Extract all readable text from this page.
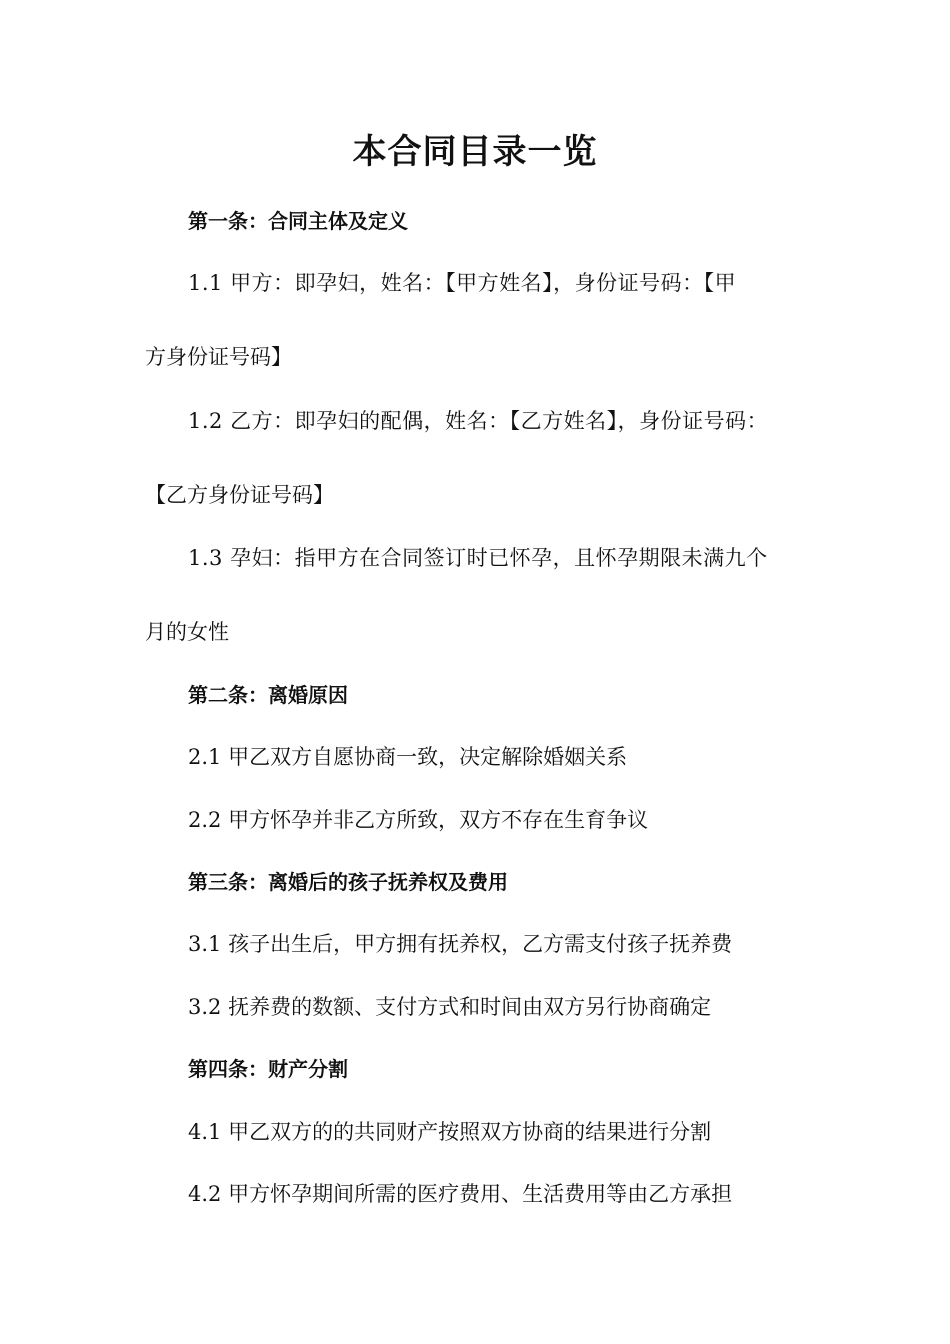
本合同目录一览
第一条：合同主体及定义
1.1 甲方：即孕妇，姓名：【甲方姓名】，身份证号码：【甲
方身份证号码】
1.2 乙方：即孕妇的配偶，姓名：【乙方姓名】，身份证号码：
【乙方身份证号码】
1.3 孕妇：指甲方在合同签订时已怀孕，且怀孕期限未满九个
月的女性
第二条：离婚原因
2.1 甲乙双方自愿协商一致，决定解除婚姻关系
2.2 甲方怀孕并非乙方所致，双方不存在生育争议
第三条：离婚后的孩子抚养权及费用
3.1 孩子出生后，甲方拥有抚养权，乙方需支付孩子抚养费
3.2 抚养费的数额、支付方式和时间由双方另行协商确定
第四条：财产分割
4.1 甲乙双方的的共同财产按照双方协商的结果进行分割
4.2 甲方怀孕期间所需的医疗费用、生活费用等由乙方承担
